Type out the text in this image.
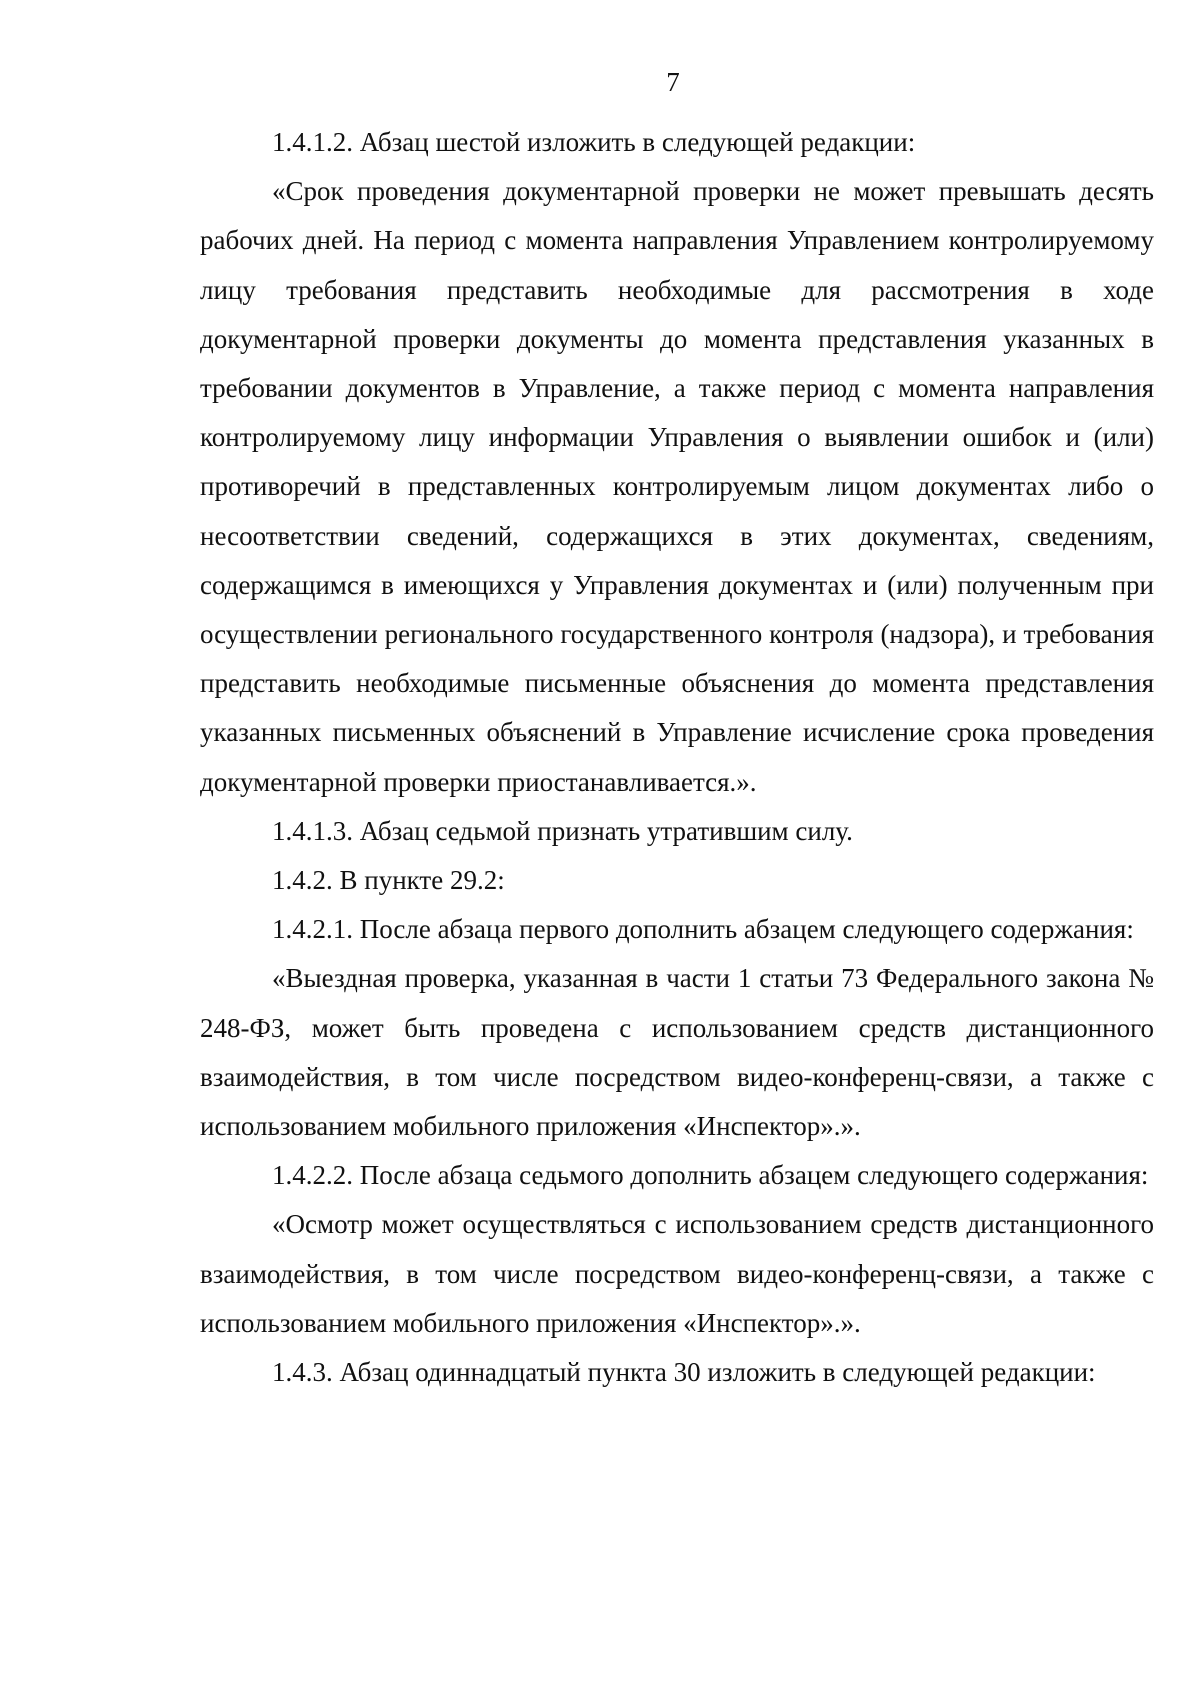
7

1.4.1.2. Абзац шестой изложить в следующей редакции:

«Срок проведения документарной проверки не может превышать десять рабочих дней. На период с момента направления Управлением контролируемому лицу требования представить необходимые для рассмотрения в ходе документарной проверки документы до момента представления указанных в требовании документов в Управление, а также период с момента направления контролируемому лицу информации Управления о выявлении ошибок и (или) противоречий в представленных контролируемым лицом документах либо о несоответствии сведений, содержащихся в этих документах, сведениям, содержащимся в имеющихся у Управления документах и (или) полученным при осуществлении регионального государственного контроля (надзора), и требования представить необходимые письменные объяснения до момента представления указанных письменных объяснений в Управление исчисление срока проведения документарной проверки приостанавливается.».

1.4.1.3. Абзац седьмой признать утратившим силу.

1.4.2. В пункте 29.2:

1.4.2.1. После абзаца первого дополнить абзацем следующего содержания:

«Выездная проверка, указанная в части 1 статьи 73 Федерального закона № 248-ФЗ, может быть проведена с использованием средств дистанционного взаимодействия, в том числе посредством видео-конференц-связи, а также с использованием мобильного приложения «Инспектор».».

1.4.2.2. После абзаца седьмого дополнить абзацем следующего содержания:

«Осмотр может осуществляться с использованием средств дистанционного взаимодействия, в том числе посредством видео-конференц-связи, а также с использованием мобильного приложения «Инспектор».».

1.4.3. Абзац одиннадцатый пункта 30 изложить в следующей редакции:
